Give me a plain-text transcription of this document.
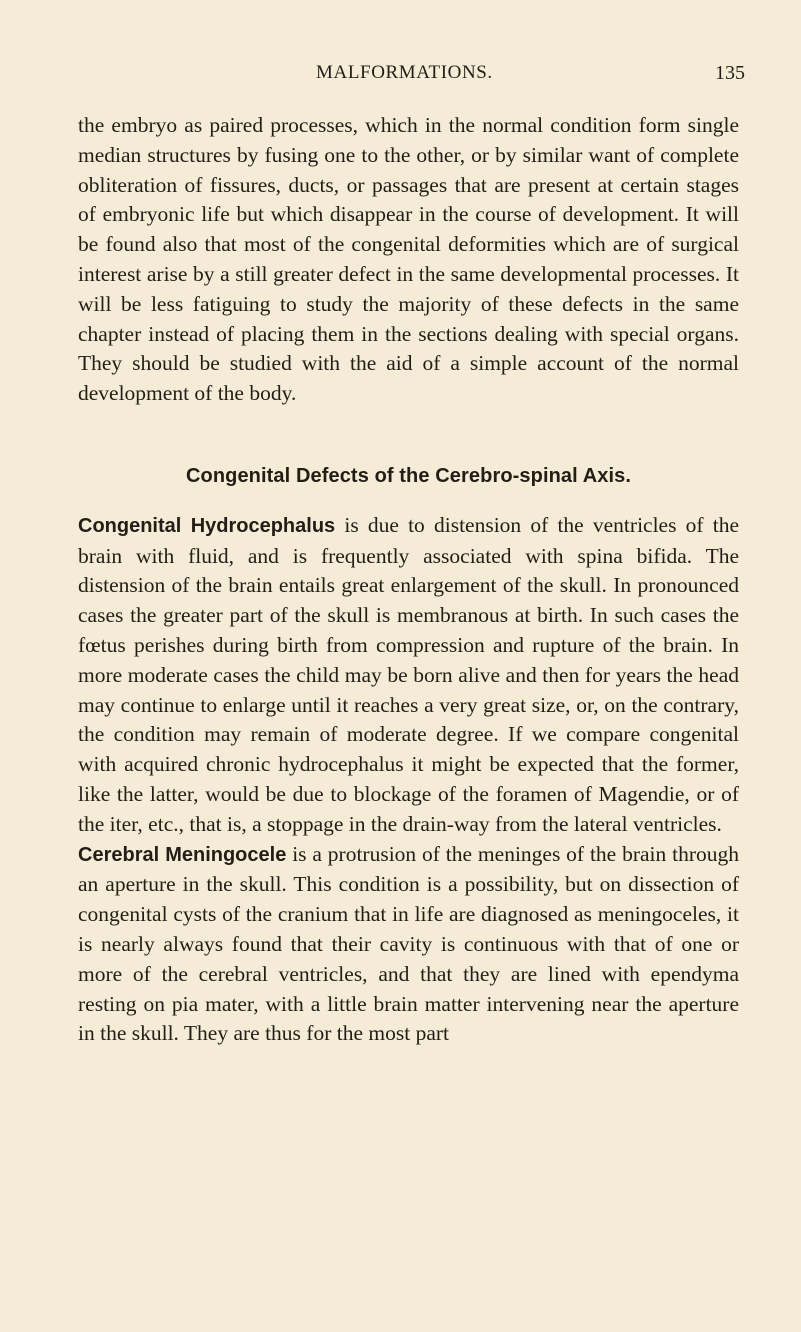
MALFORMATIONS.	135

the embryo as paired processes, which in the normal condition form single median structures by fusing one to the other, or by similar want of complete obliteration of fissures, ducts, or passages that are present at certain stages of embryonic life but which disappear in the course of development. It will be found also that most of the congenital deformities which are of surgical interest arise by a still greater defect in the same developmental processes. It will be less fatiguing to study the majority of these defects in the same chapter instead of placing them in the sections dealing with special organs. They should be studied with the aid of a simple account of the normal development of the body.

Congenital Defects of the Cerebro-spinal Axis.

Congenital Hydrocephalus is due to distension of the ventricles of the brain with fluid, and is frequently associated with spina bifida. The distension of the brain entails great enlargement of the skull. In pronounced cases the greater part of the skull is membranous at birth. In such cases the fœtus perishes during birth from compression and rupture of the brain. In more moderate cases the child may be born alive and then for years the head may continue to enlarge until it reaches a very great size, or, on the contrary, the condition may remain of moderate degree. If we compare congenital with acquired chronic hydrocephalus it might be expected that the former, like the latter, would be due to blockage of the foramen of Magendie, or of the iter, etc., that is, a stoppage in the drain-way from the lateral ventricles.

Cerebral Meningocele is a protrusion of the meninges of the brain through an aperture in the skull. This condition is a possibility, but on dissection of congenital cysts of the cranium that in life are diagnosed as meningoceles, it is nearly always found that their cavity is continuous with that of one or more of the cerebral ventricles, and that they are lined with ependyma resting on pia mater, with a little brain matter intervening near the aperture in the skull. They are thus for the most part
